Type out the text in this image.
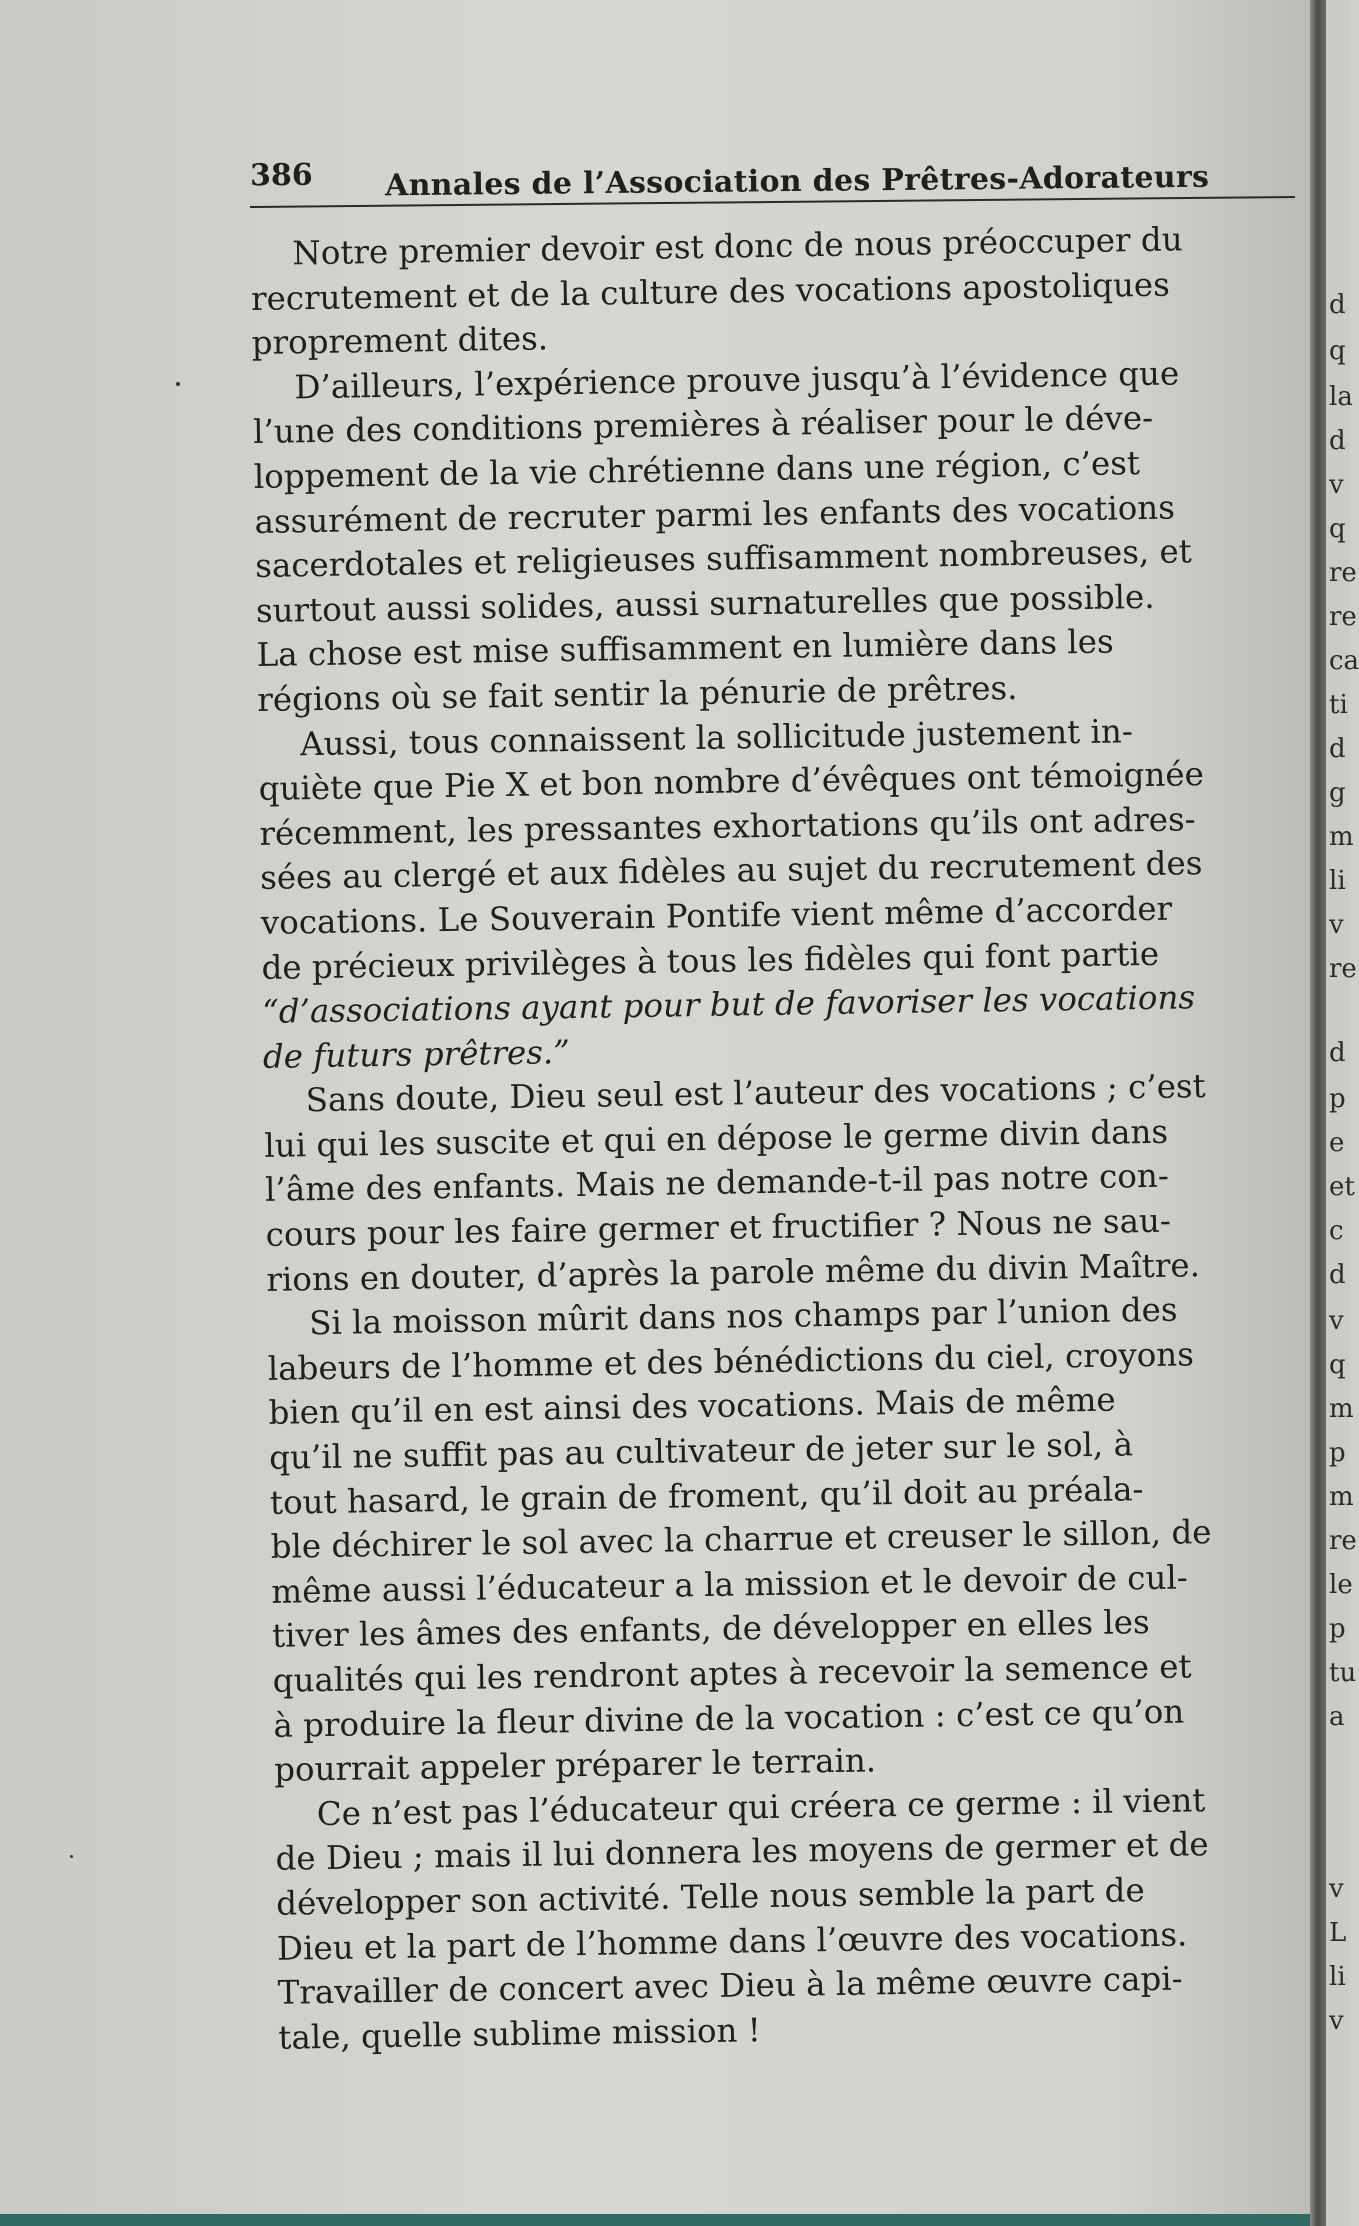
386 Annales de l’Association des Prêtres-Adorateurs
Notre premier devoir est donc de nous préoccuper du
recrutement et de la culture des vocations apostoliques
proprement dites.
D’ailleurs, l’expérience prouve jusqu’à l’évidence que
l’une des conditions premières à réaliser pour le déve-
loppement de la vie chrétienne dans une région, c’est
assurément de recruter parmi les enfants des vocations
sacerdotales et religieuses suffisamment nombreuses, et
surtout aussi solides, aussi surnaturelles que possible.
La chose est mise suffisamment en lumière dans les
régions où se fait sentir la pénurie de prêtres.
Aussi, tous connaissent la sollicitude justement in-
quiète que Pie X et bon nombre d’évêques ont témoignée
récemment, les pressantes exhortations qu’ils ont adres-
sées au clergé et aux fidèles au sujet du recrutement des
vocations. Le Souverain Pontife vient même d’accorder
de précieux privilèges à tous les fidèles qui font partie
“d’associations ayant pour but de favoriser les vocations
de futurs prêtres.”
Sans doute, Dieu seul est l’auteur des vocations ; c’est
lui qui les suscite et qui en dépose le germe divin dans
l’âme des enfants. Mais ne demande-t-il pas notre con-
cours pour les faire germer et fructifier ? Nous ne sau-
rions en douter, d’après la parole même du divin Maître.
Si la moisson mûrit dans nos champs par l’union des
labeurs de l’homme et des bénédictions du ciel, croyons
bien qu’il en est ainsi des vocations. Mais de même
qu’il ne suffit pas au cultivateur de jeter sur le sol, à
tout hasard, le grain de froment, qu’il doit au préala-
ble déchirer le sol avec la charrue et creuser le sillon, de
même aussi l’éducateur a la mission et le devoir de cul-
tiver les âmes des enfants, de développer en elles les
qualités qui les rendront aptes à recevoir la semence et
à produire la fleur divine de la vocation : c’est ce qu’on
pourrait appeler préparer le terrain.
Ce n’est pas l’éducateur qui créera ce germe : il vient
de Dieu ; mais il lui donnera les moyens de germer et de
développer son activité. Telle nous semble la part de
Dieu et la part de l’homme dans l’œuvre des vocations.
Travailler de concert avec Dieu à la même œuvre capi-
tale, quelle sublime mission !
d
q
la
d
v
q
re
re
ca
ti
d
g
m
li
v
re
d
p
e
et
c
d
v
q
m
p
m
re
le
p
tu
a
v
L
li
v
